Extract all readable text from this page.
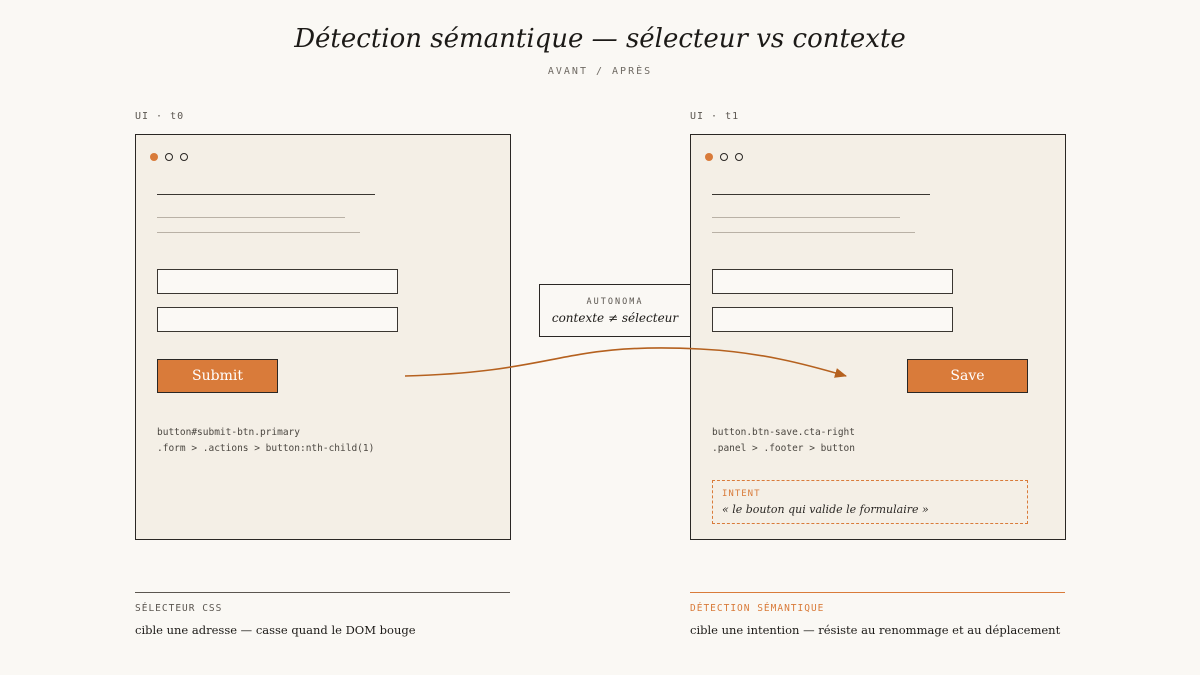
Détection sémantique — sélecteur vs contexte
AVANT / APRÈS
UI · t0
Submit
button#submit-btn.primary
.form > .actions > button:nth-child(1)
UI · t1
Save
button.btn-save.cta-right
.panel > .footer > button
INTENT
« le bouton qui valide le formulaire »
AUTONOMA
contexte ≠ sélecteur
SÉLECTEUR CSS
cible une adresse — casse quand le DOM bouge
DÉTECTION SÉMANTIQUE
cible une intention — résiste au renommage et au déplacement
